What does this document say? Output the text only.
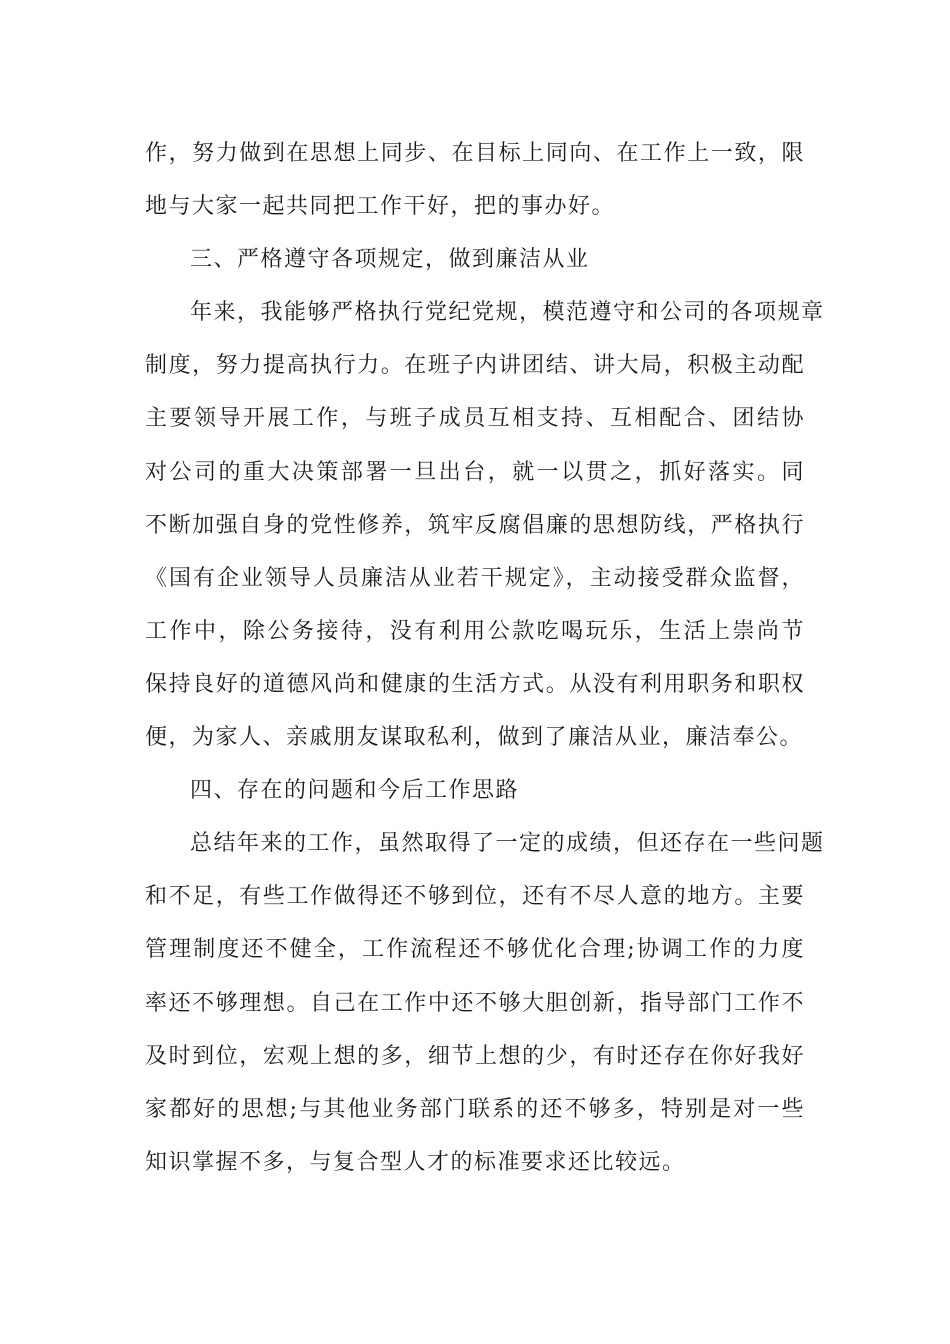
作，努力做到在思想上同步、在目标上同向、在工作上一致，限
地与大家一起共同把工作干好，把的事办好。
三、严格遵守各项规定，做到廉洁从业
年来，我能够严格执行党纪党规，模范遵守和公司的各项规章
制度，努力提高执行力。在班子内讲团结、讲大局，积极主动配
主要领导开展工作，与班子成员互相支持、互相配合、团结协
对公司的重大决策部署一旦出台，就一以贯之，抓好落实。同
不断加强自身的党性修养，筑牢反腐倡廉的思想防线，严格执行
《国有企业领导人员廉洁从业若干规定》，主动接受群众监督，
工作中，除公务接待，没有利用公款吃喝玩乐，生活上崇尚节
保持良好的道德风尚和健康的生活方式。从没有利用职务和职权
便，为家人、亲戚朋友谋取私利，做到了廉洁从业，廉洁奉公。
四、存在的问题和今后工作思路
总结年来的工作，虽然取得了一定的成绩，但还存在一些问题
和不足，有些工作做得还不够到位，还有不尽人意的地方。主要
管理制度还不健全，工作流程还不够优化合理;协调工作的力度
率还不够理想。自己在工作中还不够大胆创新，指导部门工作不
及时到位，宏观上想的多，细节上想的少，有时还存在你好我好
家都好的思想;与其他业务部门联系的还不够多，特别是对一些
知识掌握不多，与复合型人才的标准要求还比较远。
